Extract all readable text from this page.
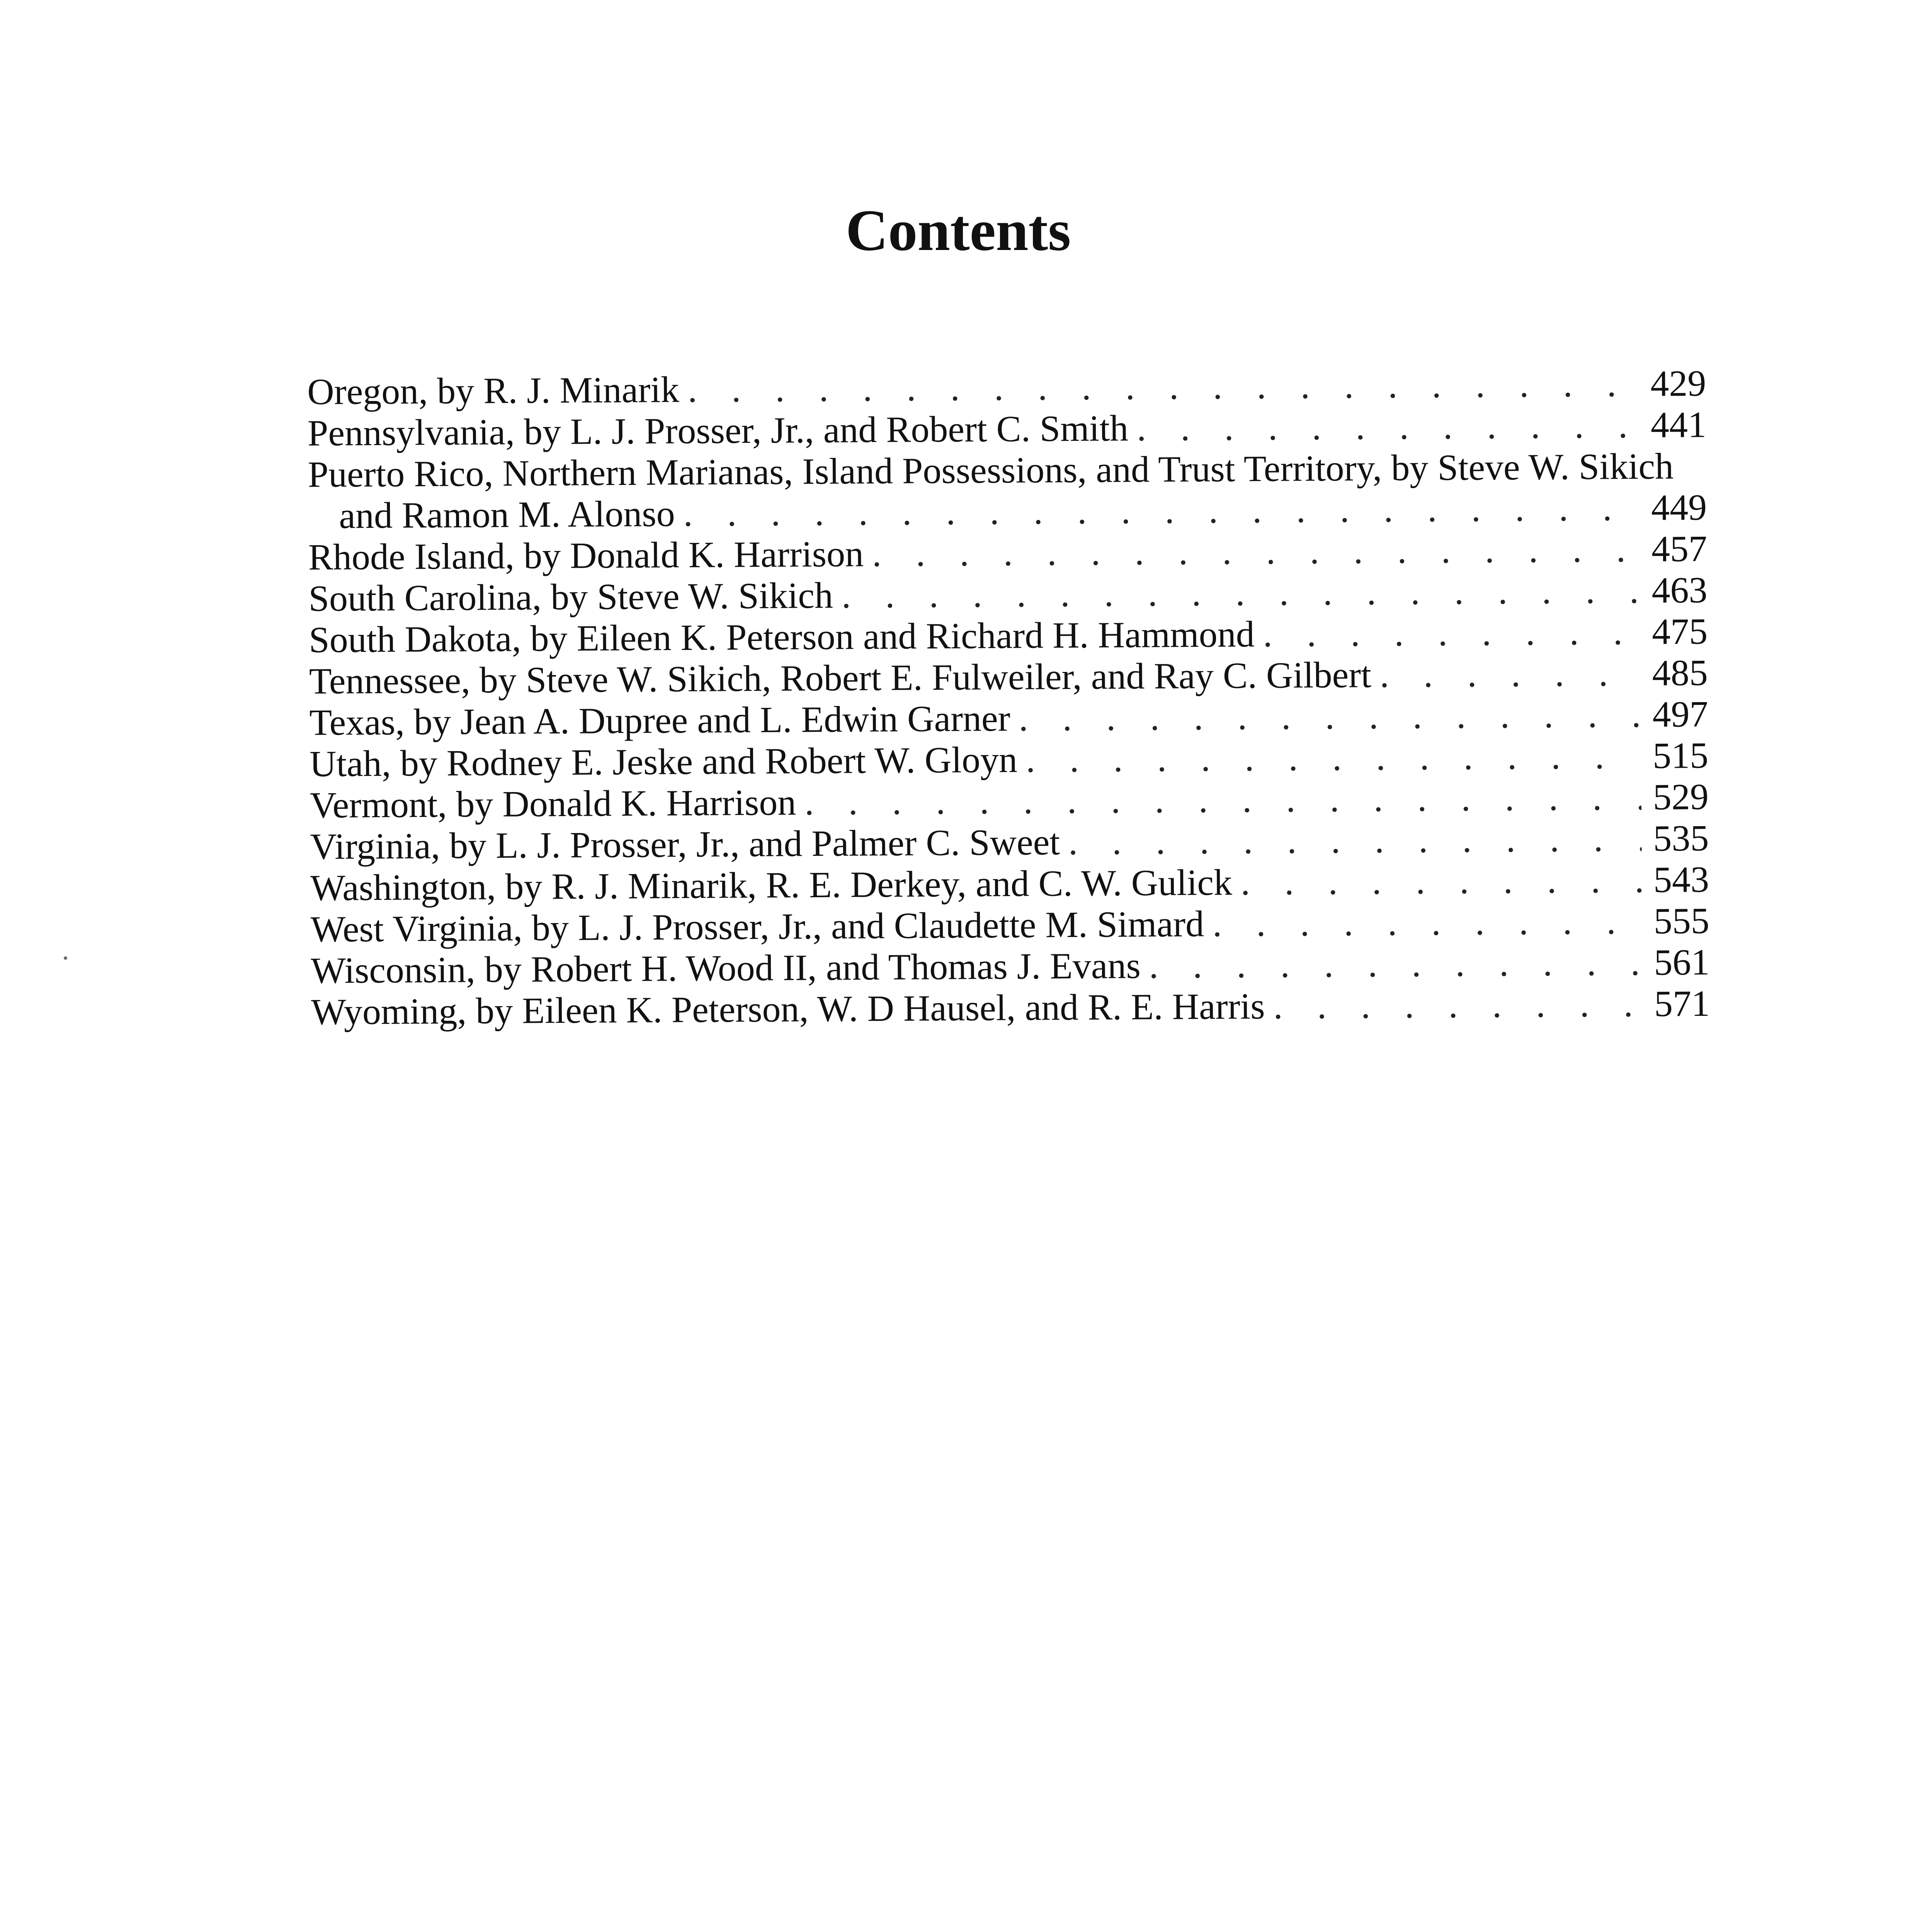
Contents
Oregon, by R. J. Minarik . . .	429
Pennsylvania, by L. J. Prosser, Jr., and Robert C. Smith . . .	441
Puerto Rico, Northern Marianas, Island Possessions, and Trust Territory, by Steve W. Sikich
and Ramon M. Alonso . . .	449
Rhode Island, by Donald K. Harrison . . .	457
South Carolina, by Steve W. Sikich . . .	463
South Dakota, by Eileen K. Peterson and Richard H. Hammond . . .	475
Tennessee, by Steve W. Sikich, Robert E. Fulweiler, and Ray C. Gilbert . . .	485
Texas, by Jean A. Dupree and L. Edwin Garner . . .	497
Utah, by Rodney E. Jeske and Robert W. Gloyn . . .	515
Vermont, by Donald K. Harrison . . .	529
Virginia, by L. J. Prosser, Jr., and Palmer C. Sweet . . .	535
Washington, by R. J. Minarik, R. E. Derkey, and C. W. Gulick . . .	543
West Virginia, by L. J. Prosser, Jr., and Claudette M. Simard . . .	555
Wisconsin, by Robert H. Wood II, and Thomas J. Evans . . .	561
Wyoming, by Eileen K. Peterson, W. D Hausel, and R. E. Harris . . .	571
